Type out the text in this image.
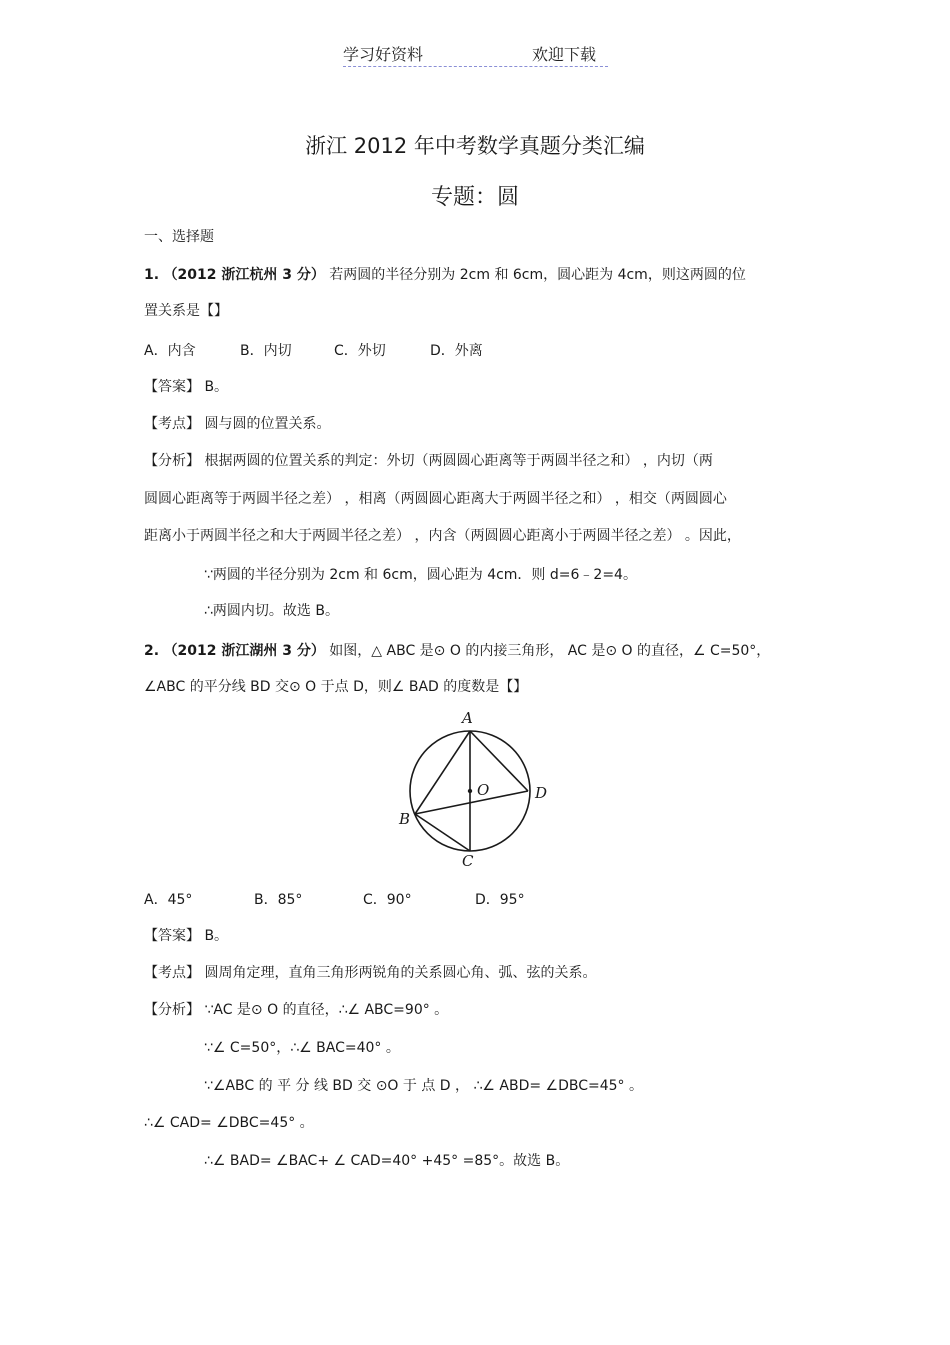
学习好资料	欢迎下载
浙江 2012 年中考数学真题分类汇编
专题：圆
一、选择题
1. （2012 浙江杭州 3 分） 若两圆的半径分别为 2cm 和 6cm，圆心距为 4cm，则这两圆的位
置关系是【】
A．内含	B．内切	C．外切	D．外离
【答案】 B。
【考点】 圆与圆的位置关系。
【分析】 根据两圆的位置关系的判定：外切（两圆圆心距离等于两圆半径之和） ，内切（两
圆圆心距离等于两圆半径之差） ，相离（两圆圆心距离大于两圆半径之和） ，相交（两圆圆心
距离小于两圆半径之和大于两圆半径之差） ，内含（两圆圆心距离小于两圆半径之差） 。因此，
∵两圆的半径分别为 2cm 和 6cm，圆心距为 4cm．则 d=6﹣2=4。
∴两圆内切。故选 B。
2. （2012 浙江湖州 3 分） 如图，△ ABC 是⊙ O 的内接三角形， AC 是⊙ O 的直径，∠ C=50°，
∠ABC 的平分线 BD 交⊙ O 于点 D，则∠ BAD 的度数是【】
A
O	D
B
C
A．45°	B．85°	C．90°	D．95°
【答案】 B。
【考点】 圆周角定理，直角三角形两锐角的关系圆心角、弧、弦的关系。
【分析】 ∵AC 是⊙ O 的直径，∴∠ ABC=90° 。
∵∠ C=50°，∴∠ BAC=40° 。
∵∠ABC 的 平 分 线 BD 交 ⊙O 于 点 D ， ∴∠ ABD= ∠DBC=45° 。
∴∠ CAD= ∠DBC=45° 。
∴∠ BAD= ∠BAC+ ∠ CAD=40° +45° =85°。故选 B。
